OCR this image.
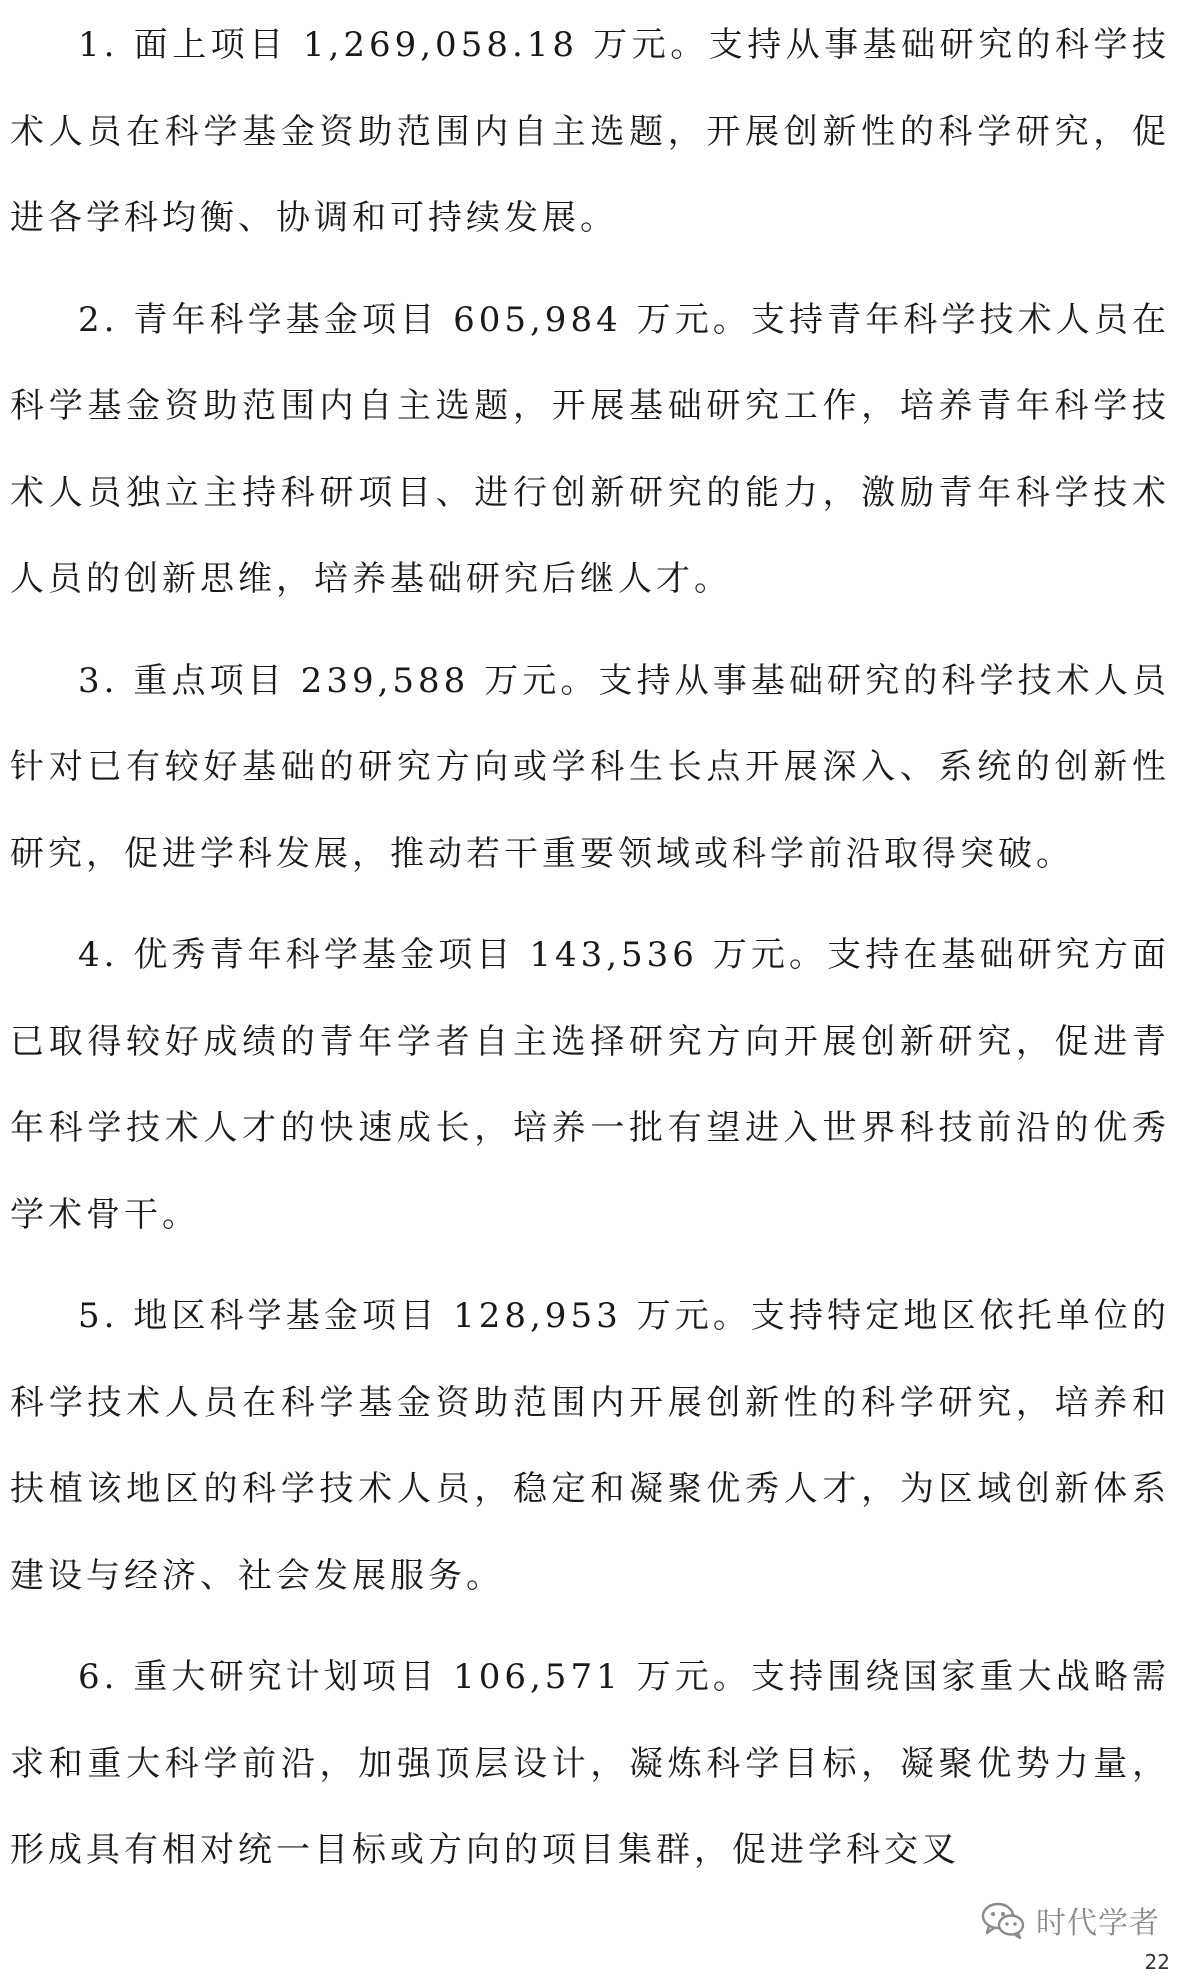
1. 面上项目 1,269,058.18 万元。支持从事基础研究的科学技术人员在科学基金资助范围内自主选题，开展创新性的科学研究，促进各学科均衡、协调和可持续发展。

2. 青年科学基金项目 605,984 万元。支持青年科学技术人员在科学基金资助范围内自主选题，开展基础研究工作，培养青年科学技术人员独立主持科研项目、进行创新研究的能力，激励青年科学技术人员的创新思维，培养基础研究后继人才。

3. 重点项目 239,588 万元。支持从事基础研究的科学技术人员针对已有较好基础的研究方向或学科生长点开展深入、系统的创新性研究，促进学科发展，推动若干重要领域或科学前沿取得突破。

4. 优秀青年科学基金项目 143,536 万元。支持在基础研究方面已取得较好成绩的青年学者自主选择研究方向开展创新研究，促进青年科学技术人才的快速成长，培养一批有望进入世界科技前沿的优秀学术骨干。

5. 地区科学基金项目 128,953 万元。支持特定地区依托单位的科学技术人员在科学基金资助范围内开展创新性的科学研究，培养和扶植该地区的科学技术人员，稳定和凝聚优秀人才，为区域创新体系建设与经济、社会发展服务。

6. 重大研究计划项目 106,571 万元。支持围绕国家重大战略需求和重大科学前沿，加强顶层设计，凝炼科学目标，凝聚优势力量，形成具有相对统一目标或方向的项目集群，促进学科交叉

时代学者
22
